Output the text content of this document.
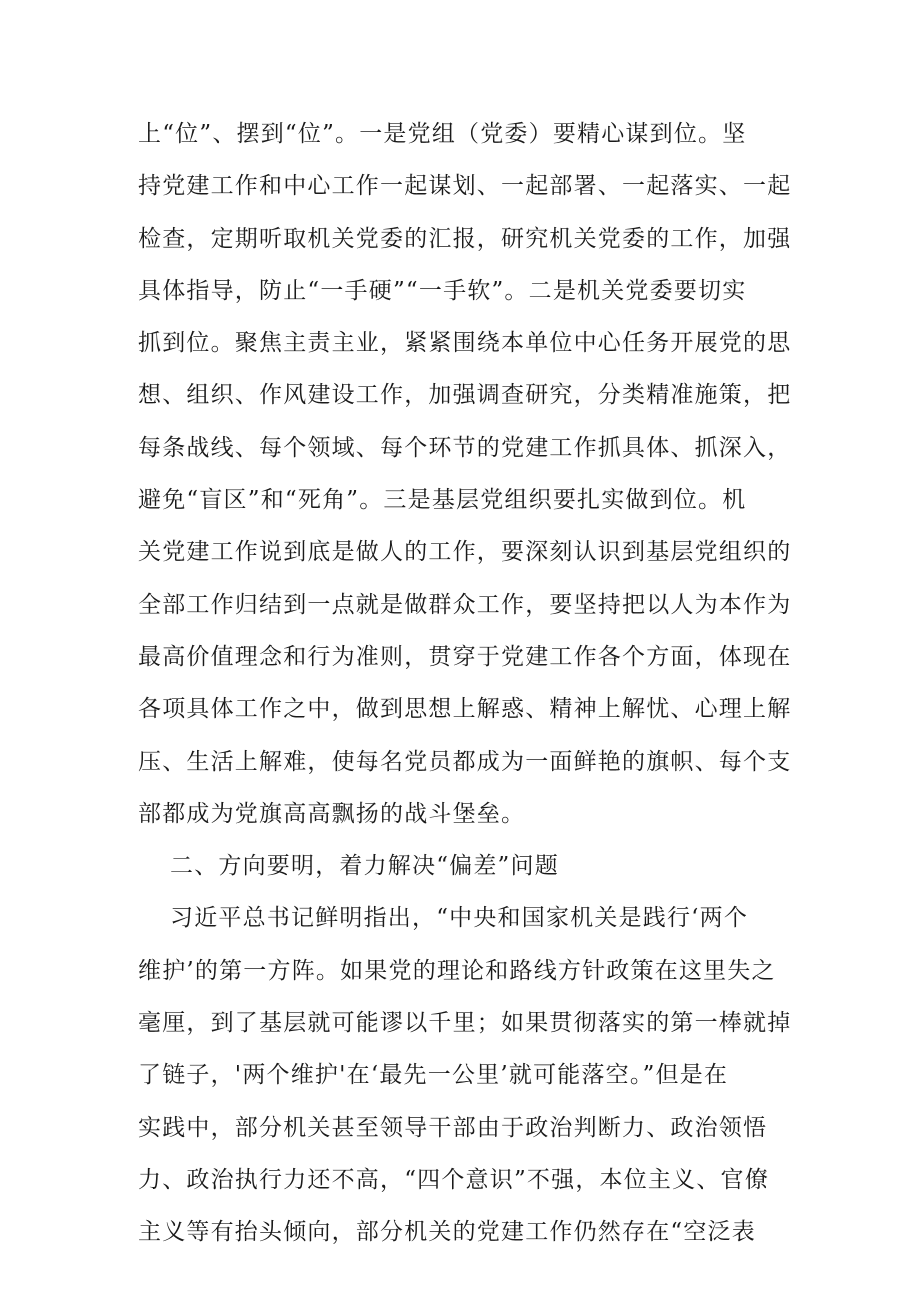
上“位”、摆到“位”。一是党组（党委）要精心谋到位。坚
持党建工作和中心工作一起谋划、一起部署、一起落实、一起
检查，定期听取机关党委的汇报，研究机关党委的工作，加强
具体指导，防止“一手硬”“一手软”。二是机关党委要切实
抓到位。聚焦主责主业，紧紧围绕本单位中心任务开展党的思
想、组织、作风建设工作，加强调查研究，分类精准施策，把
每条战线、每个领域、每个环节的党建工作抓具体、抓深入，
避免“盲区”和“死角”。三是基层党组织要扎实做到位。机
关党建工作说到底是做人的工作，要深刻认识到基层党组织的
全部工作归结到一点就是做群众工作，要坚持把以人为本作为
最高价值理念和行为准则，贯穿于党建工作各个方面，体现在
各项具体工作之中，做到思想上解惑、精神上解忧、心理上解
压、生活上解难，使每名党员都成为一面鲜艳的旗帜、每个支
部都成为党旗高高飘扬的战斗堡垒。
二、方向要明，着力解决“偏差”问题
习近平总书记鲜明指出，“中央和国家机关是践行‘两个
维护’的第一方阵。如果党的理论和路线方针政策在这里失之
毫厘，到了基层就可能谬以千里；如果贯彻落实的第一棒就掉
了链子，'两个维护'在‘最先一公里’就可能落空。”但是在
实践中，部分机关甚至领导干部由于政治判断力、政治领悟
力、政治执行力还不高，“四个意识”不强，本位主义、官僚
主义等有抬头倾向，部分机关的党建工作仍然存在“空泛表
